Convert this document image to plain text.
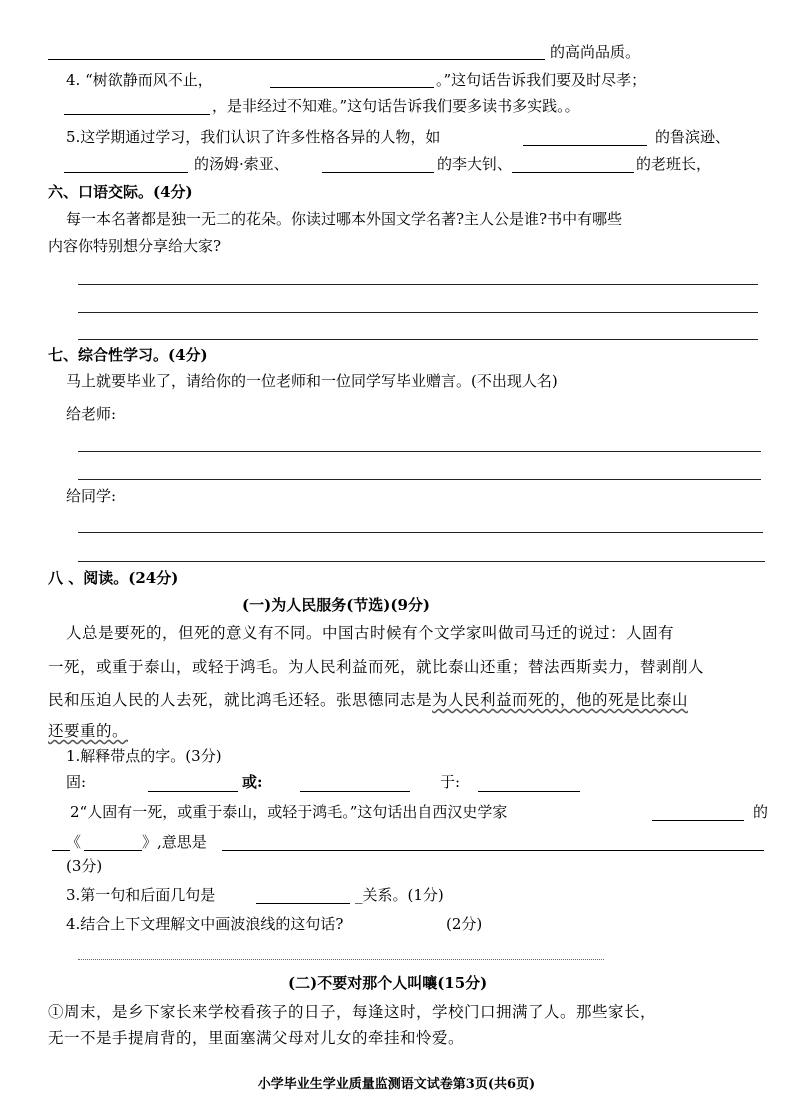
的高尚品质。
4. “树欲静而风不止，	。”这句话告诉我们要及时尽孝；
，是非经过不知难。”这句话告诉我们要多读书多实践。。
5.这学期通过学习，我们认识了许多性格各异的人物，如	的鲁滨逊、
的汤姆·索亚、	的李大钊、	的老班长，
六、口语交际。(4分)
每一本名著都是独一无二的花朵。你读过哪本外国文学名著?主人公是谁?书中有哪些
内容你特别想分享给大家?
七、综合性学习。(4分)
马上就要毕业了，请给你的一位老师和一位同学写毕业赠言。(不出现人名)
给老师:
给同学:
八 、阅读。(24分)
(一)为人民服务(节选)(9分)
人总是要死的，但死的意义有不同。中国古时候有个文学家叫做司马迁的说过：人固有
一死，或重于泰山，或轻于鸿毛。为人民利益而死，就比泰山还重；替法西斯卖力，替剥削人
民和压迫人民的人去死，就比鸿毛还轻。张思德同志是为人民利益而死的，他的死是比泰山
还要重的。
1.解释带点的字。(3分)
固:	或:	于:
2“人固有一死，或重于泰山，或轻于鸿毛。”这句话出自西汉史学家	的
《	》,意思是
(3分)
3.第一句和后面几句是	_关系。(1分)
4.结合上下文理解文中画波浪线的这句话?	(2分)
(二)不要对那个人叫嚷(15分)
①周末，是乡下家长来学校看孩子的日子，每逢这时，学校门口拥满了人。那些家长，
无一不是手提肩背的，里面塞满父母对儿女的牵挂和怜爱。
小学毕业生学业质量监测语文试卷第3页(共6页)
